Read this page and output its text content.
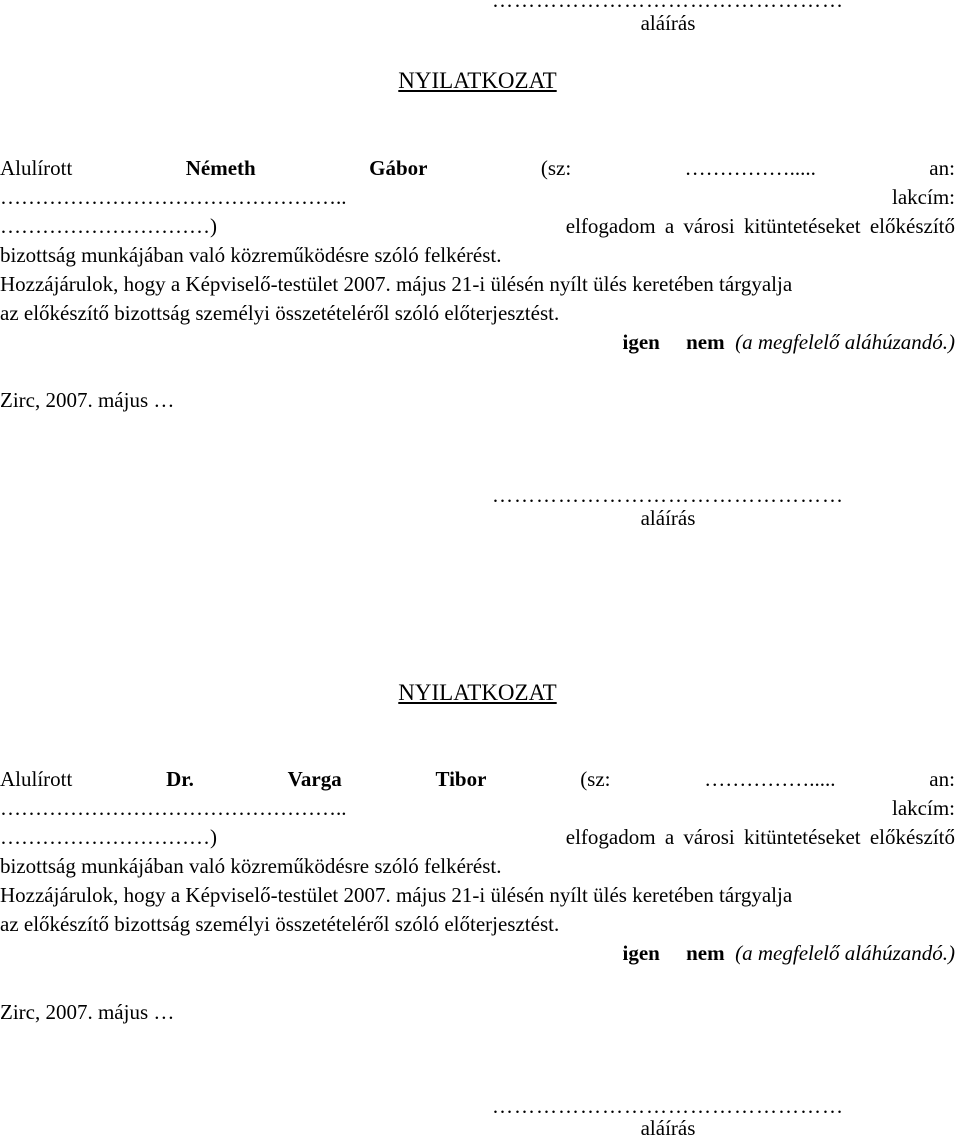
…………………………………………
aláírás
NYILATKOZAT
Alulírott	Németh	Gábor	(sz:	…………….....	an:
…………………………………………..	lakcím:
…………………………)	elfogadom a városi kitüntetéseket előkészítő
bizottság munkájában való közreműködésre szóló felkérést.
Hozzájárulok, hogy a Képviselő-testület 2007. május 21-i ülésén nyílt ülés keretében tárgyalja
az előkészítő bizottság személyi összetételéről szóló előterjesztést.
igen nem (a megfelelő aláhúzandó.)
Zirc, 2007. május …
…………………………………………
aláírás
NYILATKOZAT
Alulírott	Dr.	Varga	Tibor	(sz:	…………….....	an:
…………………………………………..	lakcím:
…………………………)	elfogadom a városi kitüntetéseket előkészítő
bizottság munkájában való közreműködésre szóló felkérést.
Hozzájárulok, hogy a Képviselő-testület 2007. május 21-i ülésén nyílt ülés keretében tárgyalja
az előkészítő bizottság személyi összetételéről szóló előterjesztést.
igen nem (a megfelelő aláhúzandó.)
Zirc, 2007. május …
…………………………………………
aláírás
